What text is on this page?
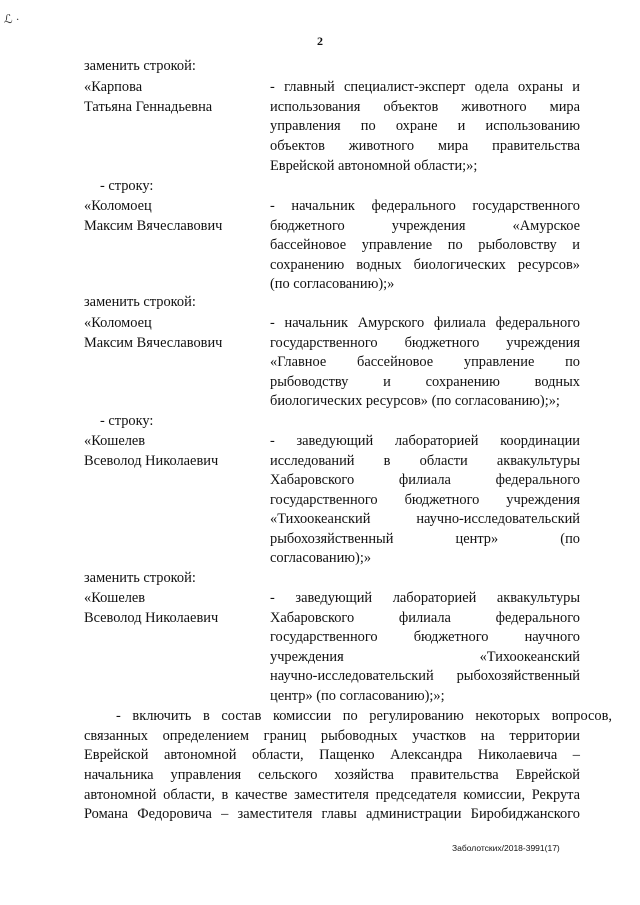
ℒ ·
2
заменить строкой:
«Карпова
Татьяна Геннадьевна
- строку:
«Коломоец
Максим Вячеславович
заменить строкой:
«Коломоец
Максим Вячеславович
- строку:
«Кошелев
Всеволод Николаевич
заменить строкой:
«Кошелев
Всеволод Николаевич
- главный специалист-эксперт одела охраны и
использования объектов животного мира
управления по охране и использованию
объектов животного мира правительства
Еврейской автономной области;»;
- начальник федерального государственного
бюджетного учреждения «Амурское
бассейновое управление по рыболовству и
сохранению водных биологических ресурсов»
(по согласованию);»
- начальник Амурского филиала федерального
государственного бюджетного учреждения
«Главное бассейновое управление по
рыбоводству и сохранению водных
биологических ресурсов» (по согласованию);»;
- заведующий лабораторией координации
исследований в области аквакультуры
Хабаровского филиала федерального
государственного бюджетного учреждения
«Тихоокеанский научно-исследовательский
рыбохозяйственный центр» (по
согласованию);»
- заведующий лабораторией аквакультуры
Хабаровского филиала федерального
государственного бюджетного научного
учреждения «Тихоокеанский
научно-исследовательский рыбохозяйственный
центр» (по согласованию);»;
- включить в состав комиссии по регулированию некоторых вопросов,
связанных определением границ рыбоводных участков на территории
Еврейской автономной области, Пащенко Александра Николаевича –
начальника управления сельского хозяйства правительства Еврейской
автономной области, в качестве заместителя председателя комиссии, Рекрута
Романа Федоровича – заместителя главы администрации Биробиджанского
Заболотских/2018-3991(17)
